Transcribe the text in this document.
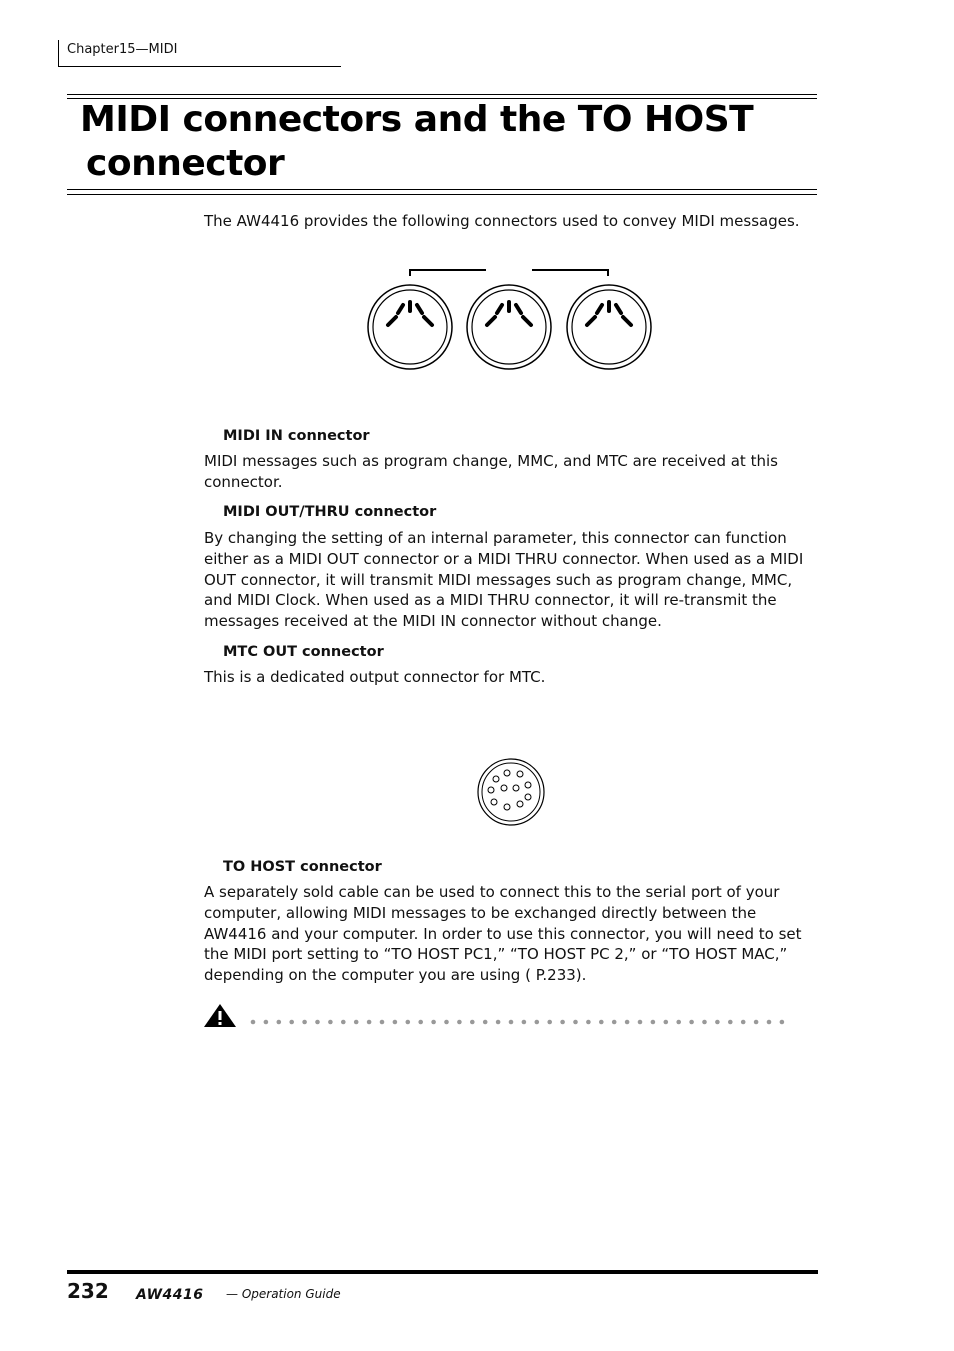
Chapter15—MIDI
MIDI connectors and the TO HOST
connector
The AW4416 provides the following connectors used to convey MIDI messages.
MIDI IN connector
MIDI messages such as program change, MMC, and MTC are received at this connector.
MIDI OUT/THRU connector
By changing the setting of an internal parameter, this connector can function either as a MIDI OUT connector or a MIDI THRU connector. When used as a MIDI OUT connector, it will transmit MIDI messages such as program change, MMC, and MIDI Clock. When used as a MIDI THRU connector, it will re-transmit the messages received at the MIDI IN connector without change.
MTC OUT connector
This is a dedicated output connector for MTC.
TO HOST connector
A separately sold cable can be used to connect this to the serial port of your computer, allowing MIDI messages to be exchanged directly between the AW4416 and your computer. In order to use this connector, you will need to set the MIDI port setting to “TO HOST PC1,” “TO HOST PC 2,” or “TO HOST MAC,” depending on the computer you are using ( P.233).
232 AW4416 — Operation Guide
